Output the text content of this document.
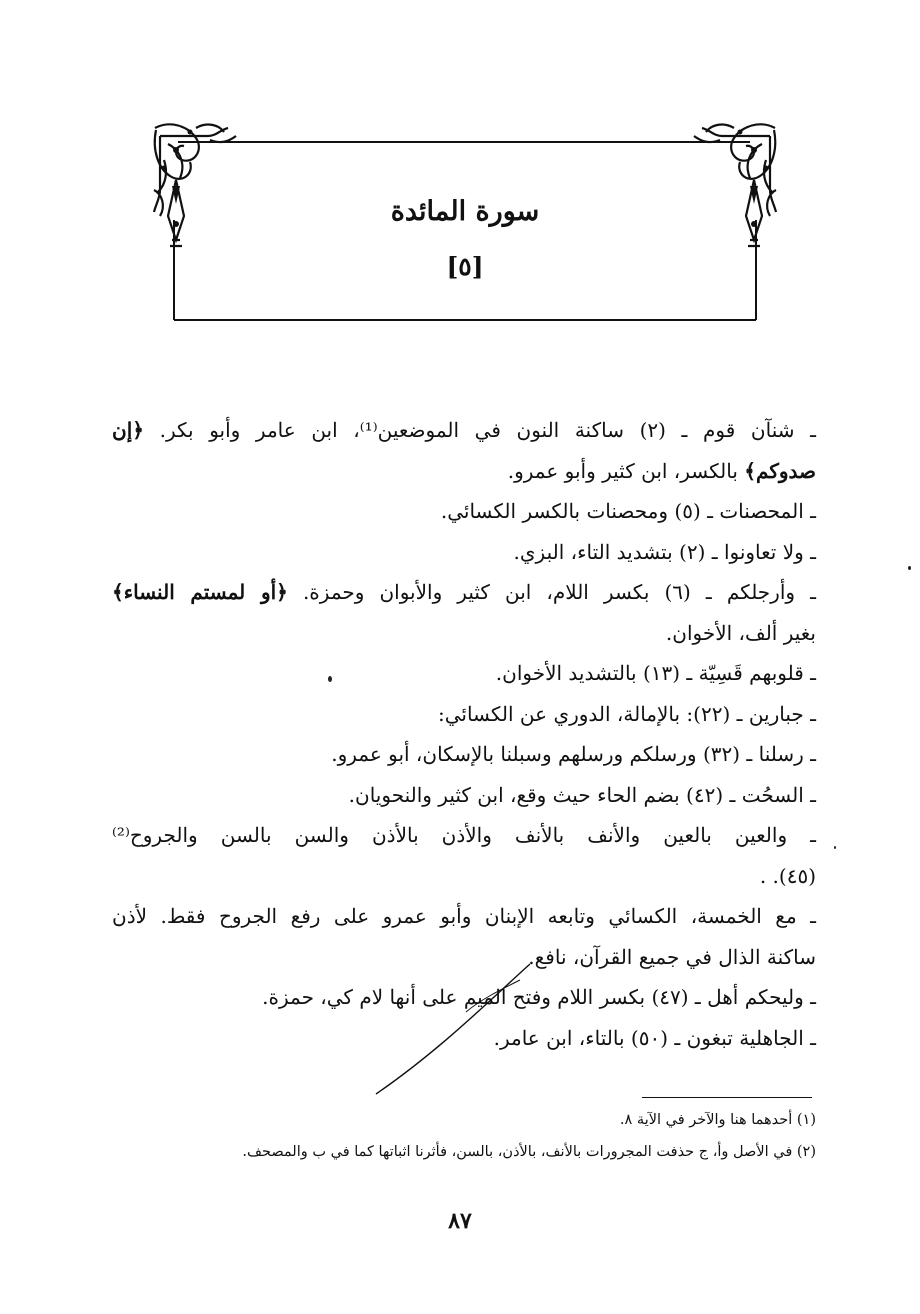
سورة المائدة
[٥]
ـ شنآن قوم ـ (٢) ساكنة النون في الموضعين⁽¹⁾، ابن عامر وأبو بكر. ﴿إن
صدوكم﴾ بالكسر، ابن كثير وأبو عمرو.
ـ المحصنات ـ (٥) ومحصنات بالكسر الكسائي.
ـ ولا تعاونوا ـ (٢) بتشديد التاء، البزي.
ـ وأرجلكم ـ (٦) بكسر اللام، ابن كثير والأبوان وحمزة. ﴿أو لمستم النساء﴾
بغير ألف، الأخوان.
ـ قلوبهم قَسِيّة ـ (١٣) بالتشديد الأخوان.
ـ جبارين ـ (٢٢): بالإمالة، الدوري عن الكسائي:
ـ رسلنا ـ (٣٢) ورسلكم ورسلهم وسبلنا بالإسكان، أبو عمرو.
ـ السحُت ـ (٤٢) بضم الحاء حيث وقع، ابن كثير والنحويان.
ـ والعين بالعين والأنف بالأنف والأذن بالأذن والسن بالسن والجروح⁽²⁾
(٤٥). .
ـ مع الخمسة، الكسائي وتابعه الإبنان وأبو عمرو على رفع الجروح فقط. لأذن
ساكنة الذال في جميع القرآن، نافع.
ـ وليحكم أهل ـ (٤٧) بكسر اللام وفتح الميم على أنها لام كي، حمزة.
ـ الجاهلية تبغون ـ (٥٠) بالتاء، ابن عامر.
(١) أحدهما هنا والآخر في الآية ٨.
(٢) في الأصل وأ، ج حذفت المجرورات بالأنف، بالأذن، بالسن، فأثرنا اثباتها كما في ب والمصحف.
٨٧
